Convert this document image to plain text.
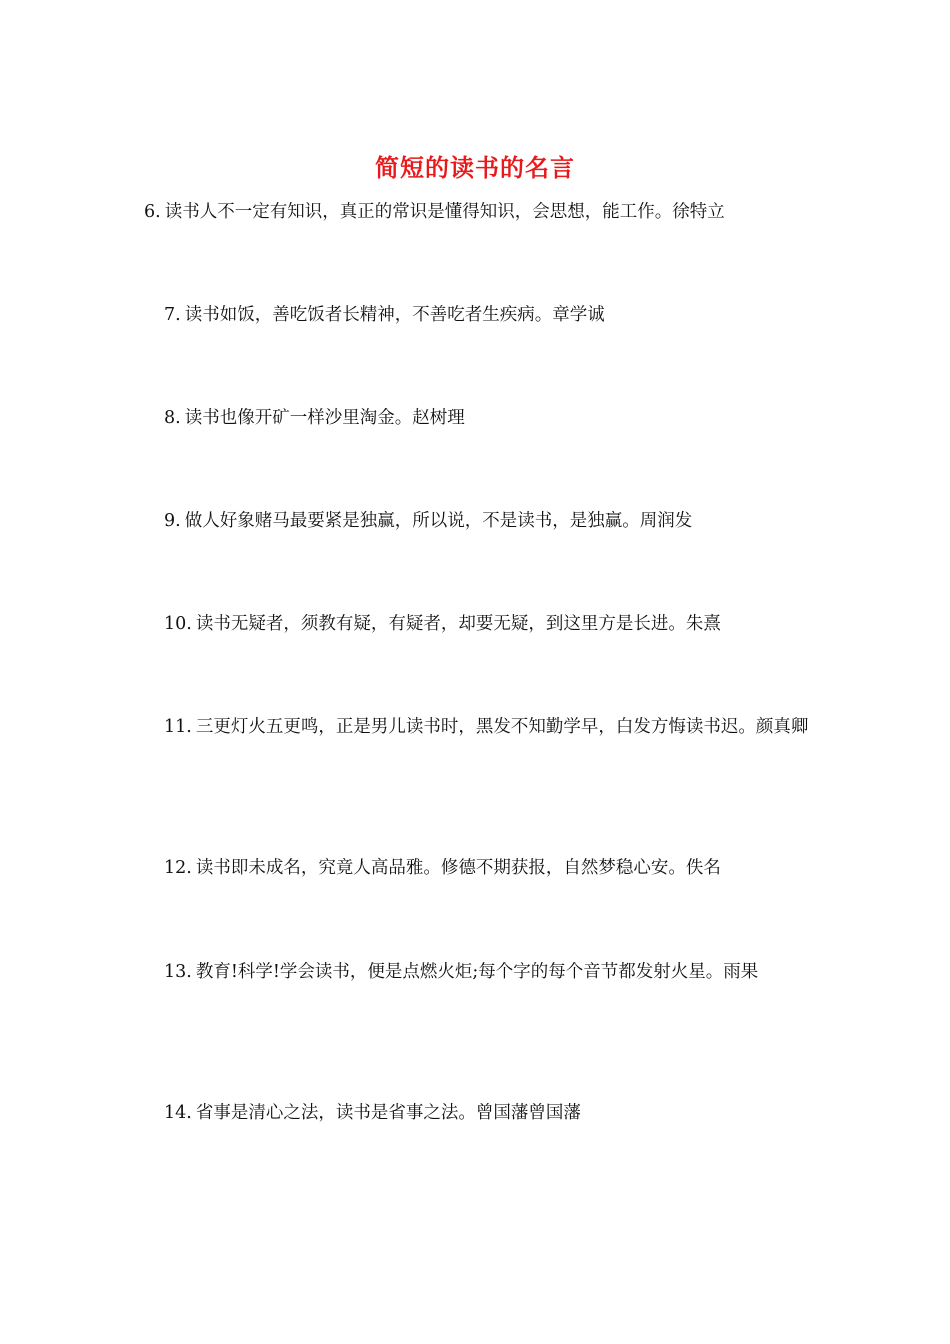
简短的读书的名言

6. 读书人不一定有知识，真正的常识是懂得知识，会思想，能工作。徐特立

7. 读书如饭，善吃饭者长精神，不善吃者生疾病。章学诚

8. 读书也像开矿一样沙里淘金。赵树理

9. 做人好象赌马最要紧是独赢，所以说，不是读书，是独赢。周润发

10. 读书无疑者，须教有疑，有疑者，却要无疑，到这里方是长进。朱熹

11. 三更灯火五更鸣，正是男儿读书时，黑发不知勤学早，白发方悔读书迟。颜真卿

12. 读书即未成名，究竟人高品雅。修德不期获报，自然梦稳心安。佚名

13. 教育!科学!学会读书，便是点燃火炬;每个字的每个音节都发射火星。雨果

14. 省事是清心之法，读书是省事之法。曾国藩曾国藩
